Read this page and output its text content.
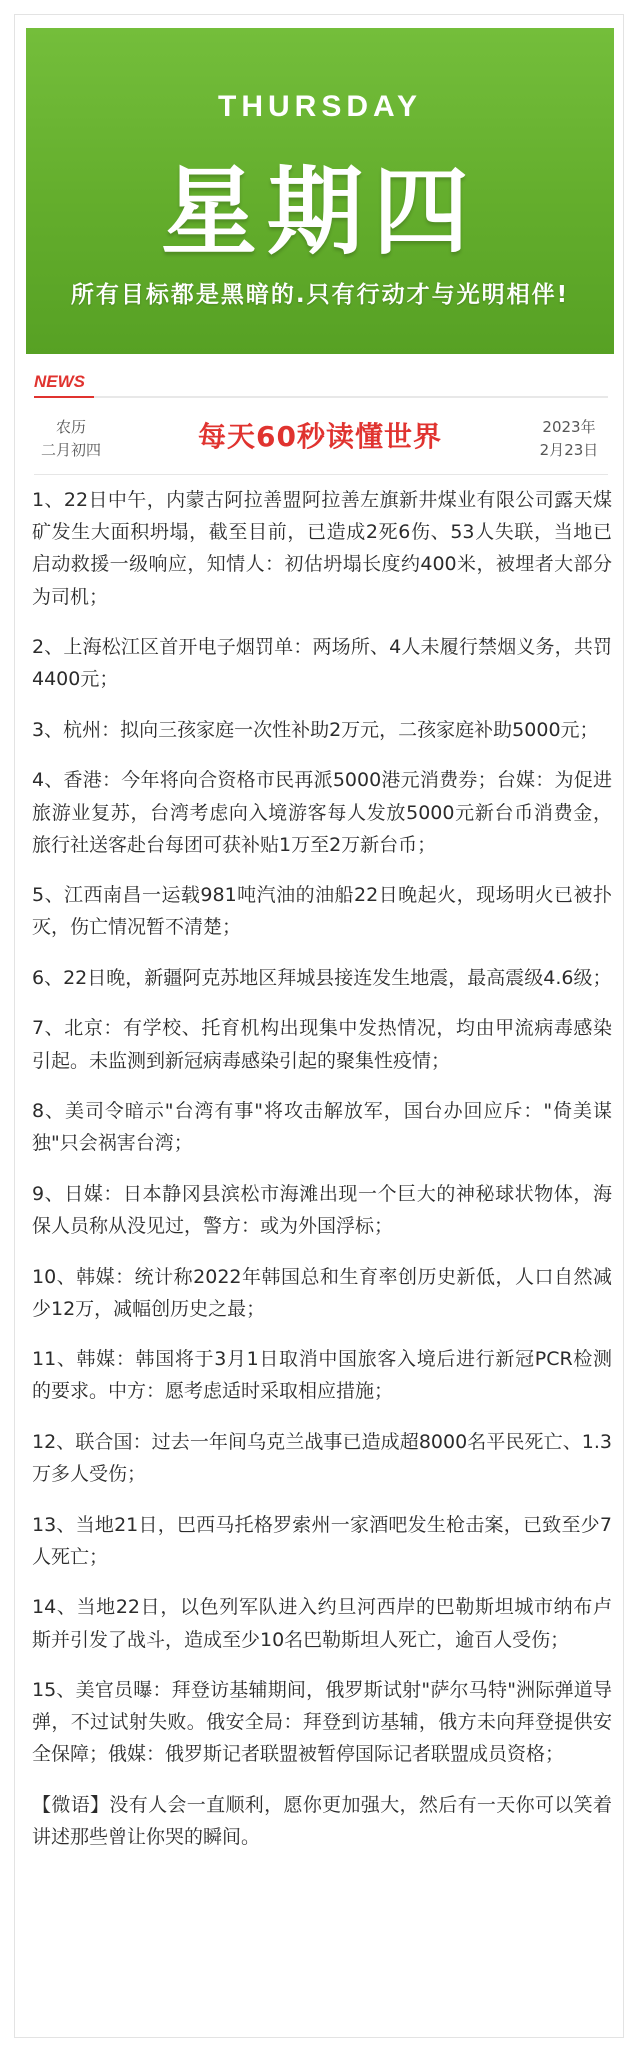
THURSDAY
星期四
所有目标都是黑暗的.只有行动才与光明相伴!
NEWS
农历
二月初四	每天60秒读懂世界	2023年
2月23日
1、22日中午，内蒙古阿拉善盟阿拉善左旗新井煤业有限公司露天煤矿发生大面积坍塌，截至目前，已造成2死6伤、53人失联，当地已启动救援一级响应，知情人：初估坍塌长度约400米，被埋者大部分为司机；
2、上海松江区首开电子烟罚单：两场所、4人未履行禁烟义务，共罚4400元；
3、杭州：拟向三孩家庭一次性补助2万元，二孩家庭补助5000元；
4、香港：今年将向合资格市民再派5000港元消费券；台媒：为促进旅游业复苏，台湾考虑向入境游客每人发放5000元新台币消费金，旅行社送客赴台每团可获补贴1万至2万新台币；
5、江西南昌一运载981吨汽油的油船22日晚起火，现场明火已被扑灭，伤亡情况暂不清楚；
6、22日晚，新疆阿克苏地区拜城县接连发生地震，最高震级4.6级；
7、北京：有学校、托育机构出现集中发热情况，均由甲流病毒感染引起。未监测到新冠病毒感染引起的聚集性疫情；
8、美司令暗示"台湾有事"将攻击解放军，国台办回应斥："倚美谋独"只会祸害台湾；
9、日媒：日本静冈县滨松市海滩出现一个巨大的神秘球状物体，海保人员称从没见过，警方：或为外国浮标；
10、韩媒：统计称2022年韩国总和生育率创历史新低，人口自然减少12万，减幅创历史之最；
11、韩媒：韩国将于3月1日取消中国旅客入境后进行新冠PCR检测的要求。中方：愿考虑适时采取相应措施；
12、联合国：过去一年间乌克兰战事已造成超8000名平民死亡、1.3万多人受伤；
13、当地21日，巴西马托格罗索州一家酒吧发生枪击案，已致至少7人死亡；
14、当地22日，以色列军队进入约旦河西岸的巴勒斯坦城市纳布卢斯并引发了战斗，造成至少10名巴勒斯坦人死亡，逾百人受伤；
15、美官员曝：拜登访基辅期间，俄罗斯试射"萨尔马特"洲际弹道导弹，不过试射失败。俄安全局：拜登到访基辅，俄方未向拜登提供安全保障；俄媒：俄罗斯记者联盟被暂停国际记者联盟成员资格；
【微语】没有人会一直顺利，愿你更加强大，然后有一天你可以笑着讲述那些曾让你哭的瞬间。
